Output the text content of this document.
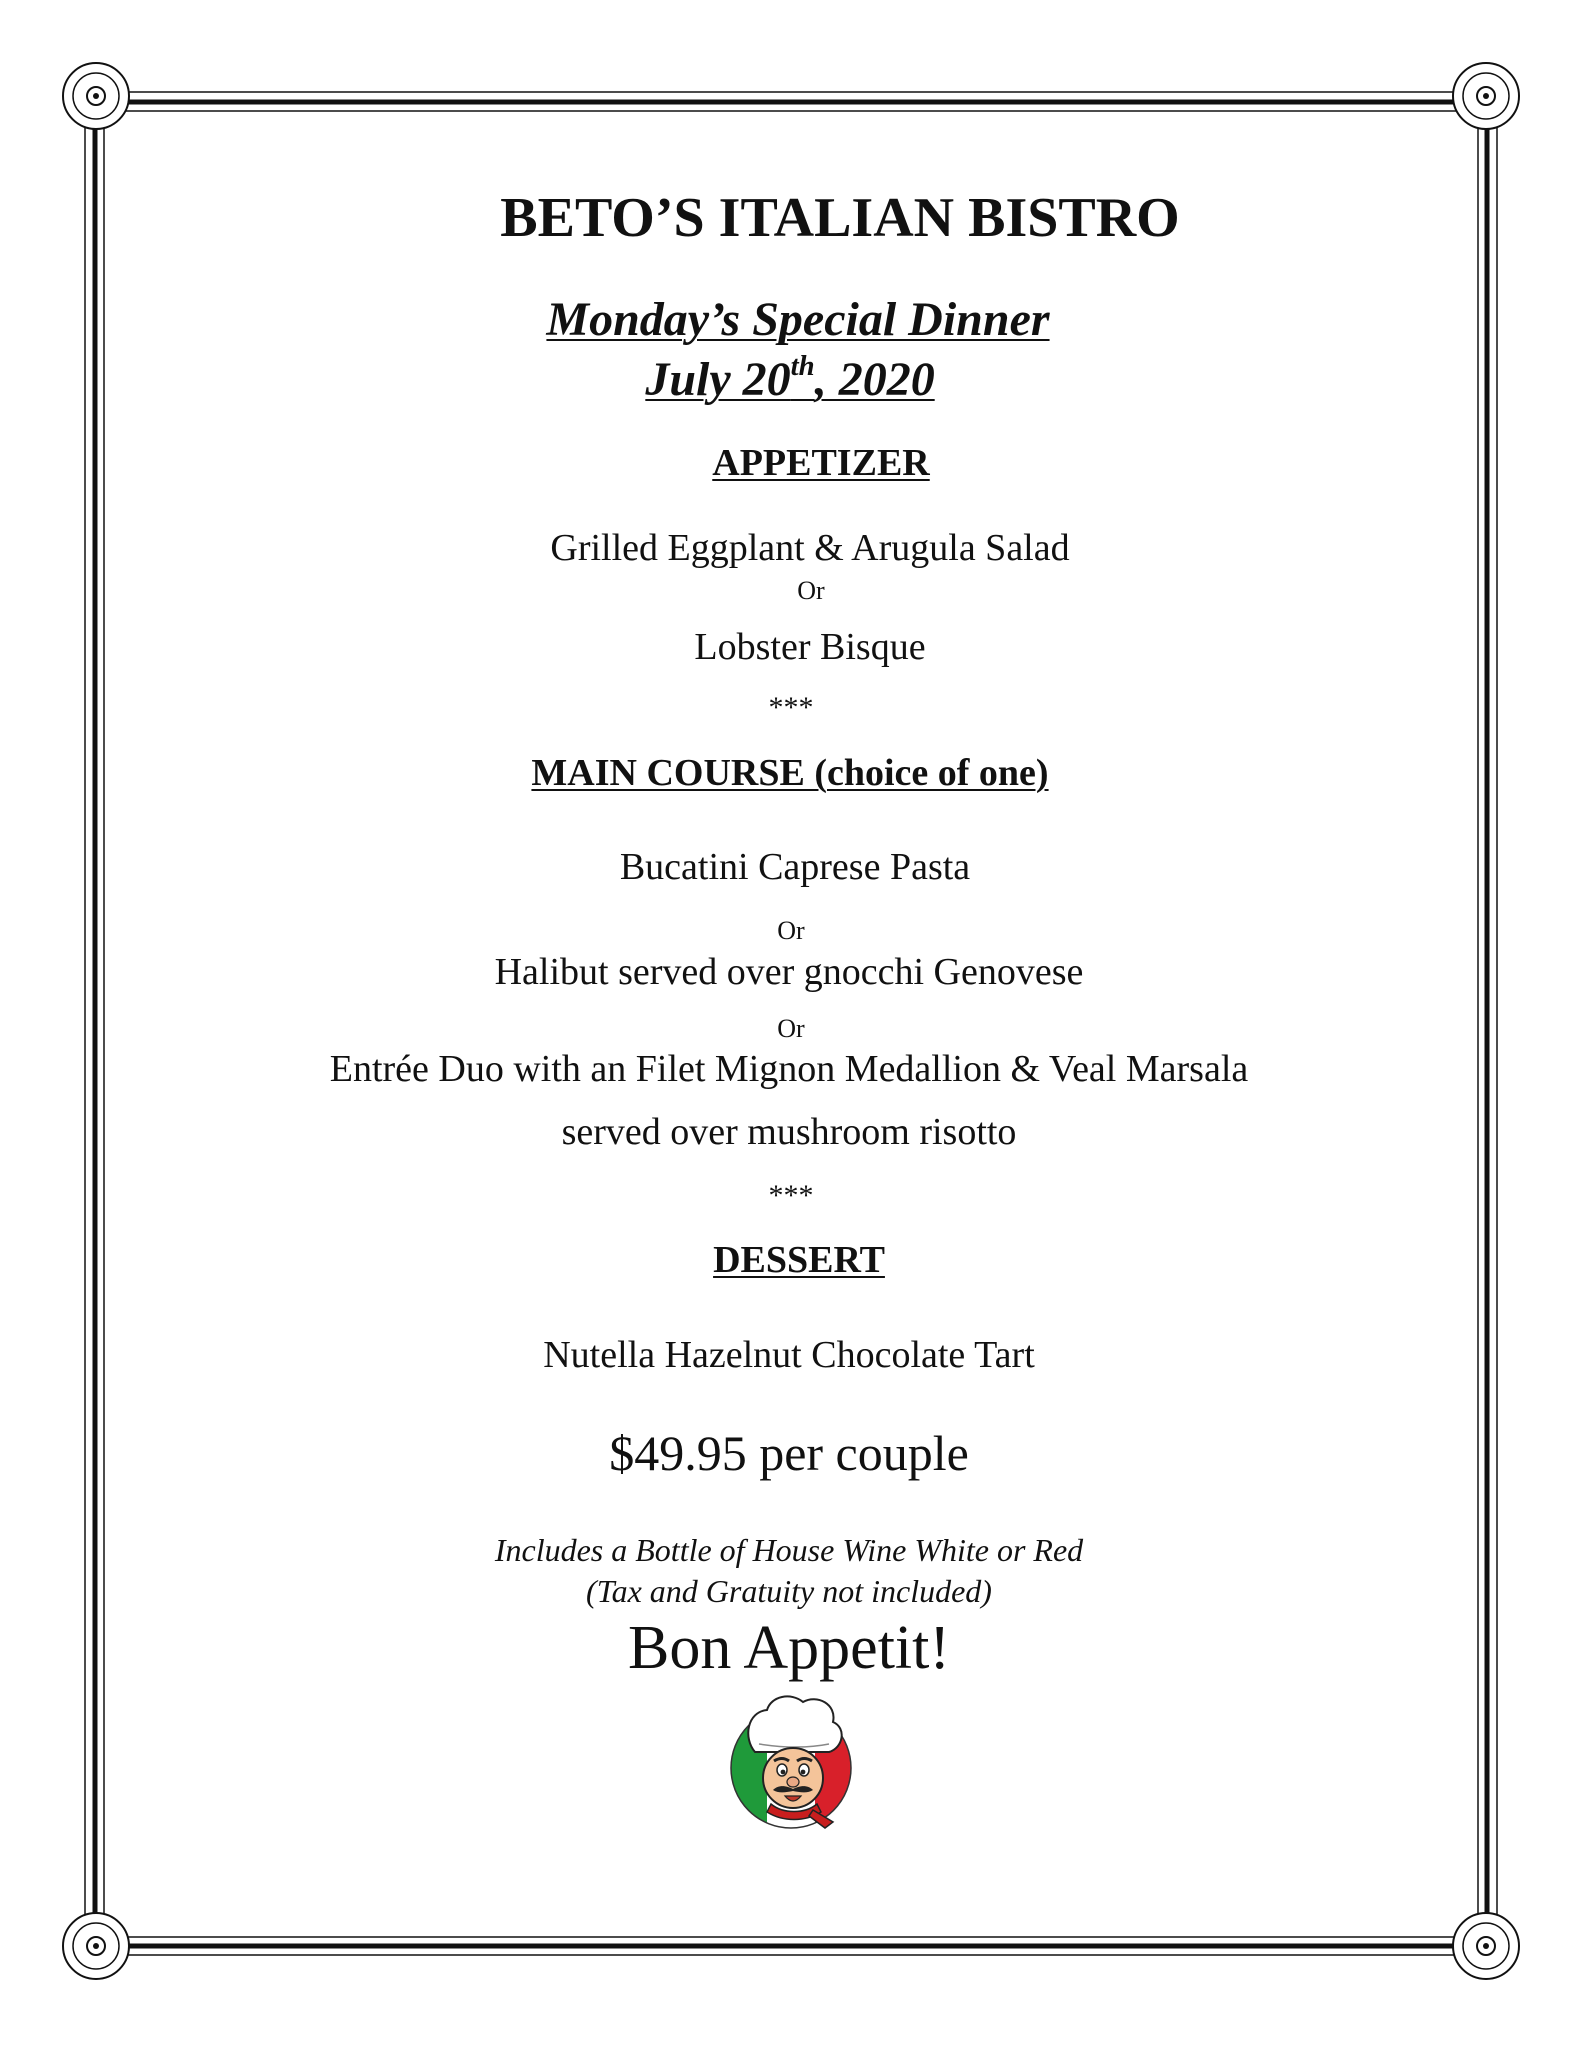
BETO’S ITALIAN BISTRO
Monday’s Special Dinner
July 20th, 2020
APPETIZER
Grilled Eggplant & Arugula Salad
Or
Lobster Bisque
***
MAIN COURSE (choice of one)
Bucatini Caprese Pasta
Or
Halibut served over gnocchi Genovese
Or
Entrée Duo with an Filet Mignon Medallion & Veal Marsala
served over mushroom risotto
***
DESSERT
Nutella Hazelnut Chocolate Tart
$49.95 per couple
Includes a Bottle of House Wine White or Red
(Tax and Gratuity not included)
Bon Appetit!
